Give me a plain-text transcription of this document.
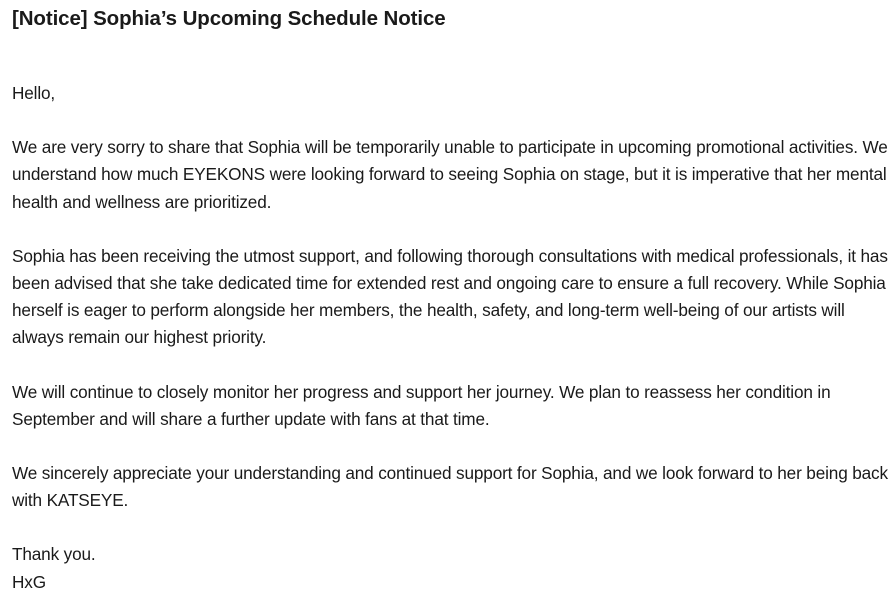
[Notice] Sophia’s Upcoming Schedule Notice

Hello,

We are very sorry to share that Sophia will be temporarily unable to participate in upcoming promotional activities. We understand how much EYEKONS were looking forward to seeing Sophia on stage, but it is imperative that her mental health and wellness are prioritized.

Sophia has been receiving the utmost support, and following thorough consultations with medical professionals, it has been advised that she take dedicated time for extended rest and ongoing care to ensure a full recovery. While Sophia herself is eager to perform alongside her members, the health, safety, and long-term well-being of our artists will always remain our highest priority.

We will continue to closely monitor her progress and support her journey. We plan to reassess her condition in September and will share a further update with fans at that time.

We sincerely appreciate your understanding and continued support for Sophia, and we look forward to her being back with KATSEYE.

Thank you.

HxG
